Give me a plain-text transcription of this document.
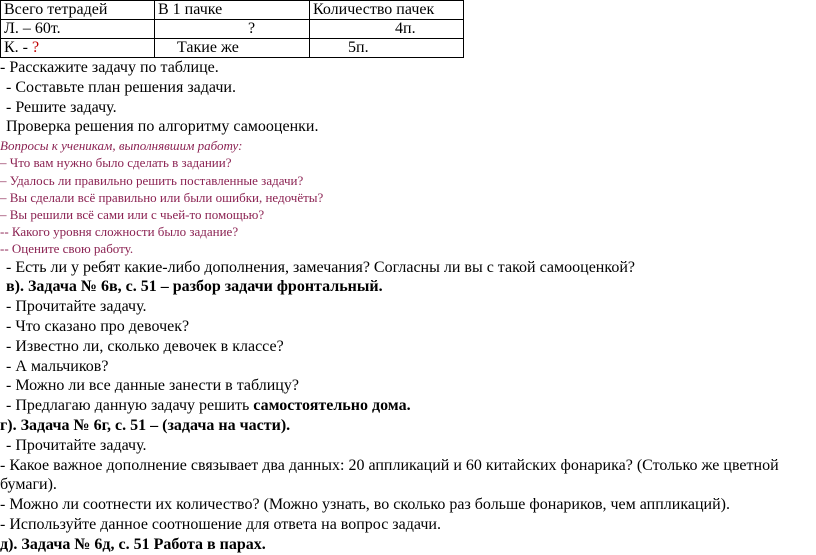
Всего тетрадей	В 1 пачке	Количество пачек
Л. – 60т.	?	4п.
К. - ?	Такие же	5п.
- Расскажите задачу по таблице.
- Составьте план решения задачи.
- Решите задачу.
Проверка решения по алгоритму самооценки.
Вопросы к ученикам, выполнявшим работу:
– Что вам нужно было сделать в задании?
– Удалось ли правильно решить поставленные задачи?
– Вы сделали всё правильно или были ошибки, недочёты?
– Вы решили всё сами или с чьей-то помощью?
-- Какого уровня сложности было задание?
-- Оцените свою работу.
- Есть ли у ребят какие-либо дополнения, замечания? Согласны ли вы с такой самооценкой?
в). Задача № 6в, с. 51 – разбор задачи фронтальный.
- Прочитайте задачу.
- Что сказано про девочек?
- Известно ли, сколько девочек в классе?
- А мальчиков?
- Можно ли все данные занести в таблицу?
- Предлагаю данную задачу решить самостоятельно дома.
г). Задача № 6г, с. 51 – (задача на части).
- Прочитайте задачу.
- Какое важное дополнение связывает два данных: 20 аппликаций и 60 китайских фонарика? (Столько же цветной
бумаги).
- Можно ли соотнести их количество? (Можно узнать, во сколько раз больше фонариков, чем аппликаций).
- Используйте данное соотношение для ответа на вопрос задачи.
д). Задача № 6д, с. 51 Работа в парах.
